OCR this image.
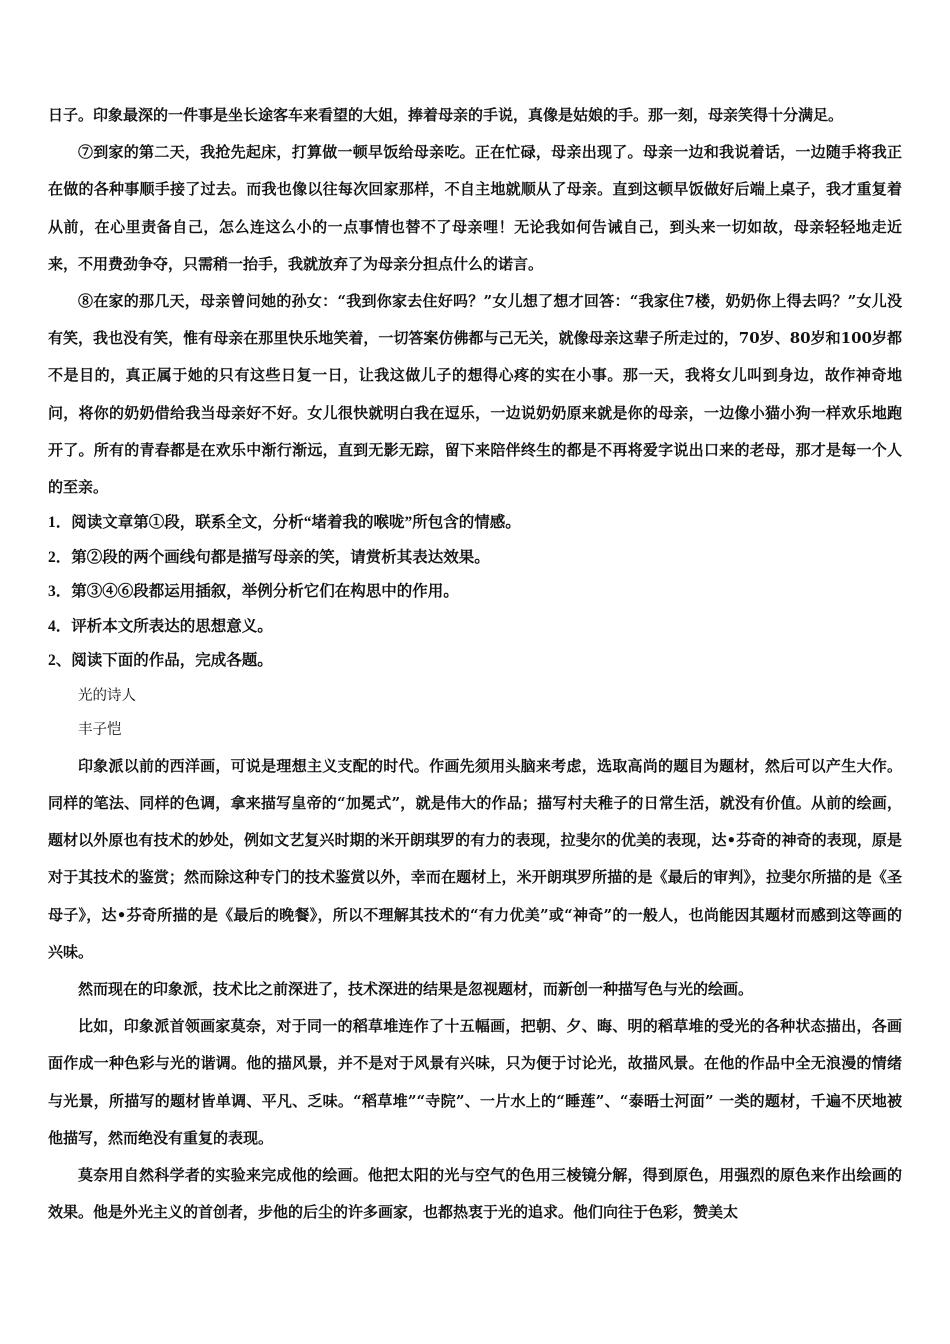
日子。印象最深的一件事是坐长途客车来看望的大姐，捧着母亲的手说，真像是姑娘的手。那一刻，母亲笑得十分满足。

⑦到家的第二天，我抢先起床，打算做一顿早饭给母亲吃。正在忙碌，母亲出现了。母亲一边和我说着话，一边随手将我正在做的各种事顺手接了过去。而我也像以往每次回家那样，不自主地就顺从了母亲。直到这顿早饭做好后端上桌子，我才重复着从前，在心里责备自己，怎么连这么小的一点事情也替不了母亲哩！无论我如何告诫自己，到头来一切如故，母亲轻轻地走近来，不用费劲争夺，只需稍一抬手，我就放弃了为母亲分担点什么的诺言。

⑧在家的那几天，母亲曾问她的孙女：“我到你家去住好吗？”女儿想了想才回答：“我家住7楼，奶奶你上得去吗？”女儿没有笑，我也没有笑，惟有母亲在那里快乐地笑着，一切答案仿佛都与己无关，就像母亲这辈子所走过的，70岁、80岁和100岁都不是目的，真正属于她的只有这些日复一日，让我这做儿子的想得心疼的实在小事。那一天，我将女儿叫到身边，故作神奇地问，将你的奶奶借给我当母亲好不好。女儿很快就明白我在逗乐，一边说奶奶原来就是你的母亲，一边像小猫小狗一样欢乐地跑开了。所有的青春都是在欢乐中渐行渐远，直到无影无踪，留下来陪伴终生的都是不再将爱字说出口来的老母，那才是每一个人的至亲。

1．阅读文章第①段，联系全文，分析“堵着我的喉咙”所包含的情感。

2．第②段的两个画线句都是描写母亲的笑，请赏析其表达效果。

3．第③④⑥段都运用插叙，举例分析它们在构思中的作用。

4．评析本文所表达的思想意义。

2、阅读下面的作品，完成各题。

光的诗人

丰子恺

印象派以前的西洋画，可说是理想主义支配的时代。作画先须用头脑来考虑，选取高尚的题目为题材，然后可以产生大作。同样的笔法、同样的色调，拿来描写皇帝的“加冕式”，就是伟大的作品；描写村夫稚子的日常生活，就没有价值。从前的绘画，题材以外原也有技术的妙处，例如文艺复兴时期的米开朗琪罗的有力的表现，拉斐尔的优美的表现，达•芬奇的神奇的表现，原是对于其技术的鉴赏；然而除这种专门的技术鉴赏以外，幸而在题材上，米开朗琪罗所描的是《最后的审判》，拉斐尔所描的是《圣母子》，达•芬奇所描的是《最后的晚餐》，所以不理解其技术的“有力优美”或“神奇”的一般人，也尚能因其题材而感到这等画的兴味。

然而现在的印象派，技术比之前深进了，技术深进的结果是忽视题材，而新创一种描写色与光的绘画。

比如，印象派首领画家莫奈，对于同一的稻草堆连作了十五幅画，把朝、夕、晦、明的稻草堆的受光的各种状态描出，各画面作成一种色彩与光的谐调。他的描风景，并不是对于风景有兴味，只为便于讨论光，故描风景。在他的作品中全无浪漫的情绪与光景，所描写的题材皆单调、平凡、乏味。“稻草堆”“寺院”、一片水上的“睡莲”、“泰晤士河面” 一类的题材，千遍不厌地被他描写，然而绝没有重复的表现。

莫奈用自然科学者的实验来完成他的绘画。他把太阳的光与空气的色用三棱镜分解，得到原色，用强烈的原色来作出绘画的效果。他是外光主义的首创者，步他的后尘的许多画家，也都热衷于光的追求。他们向往于色彩，赞美太
